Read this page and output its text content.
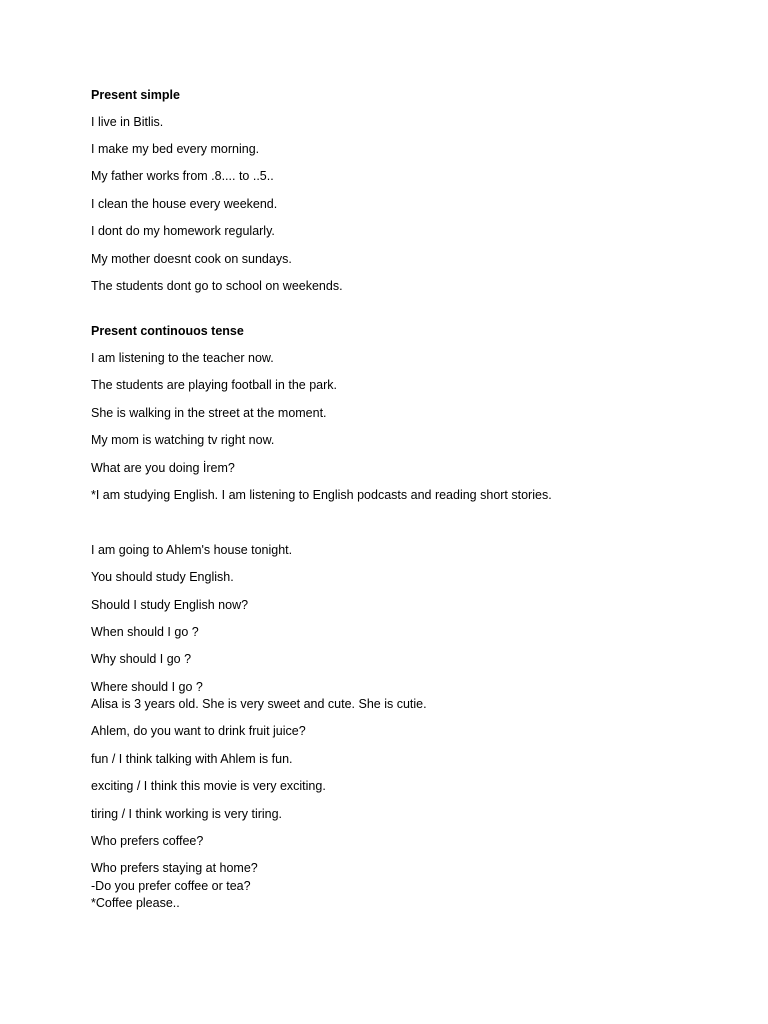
Present simple

I live in Bitlis.

I make my bed every morning.

My father works from .8.... to ..5..

I clean the house every weekend.

I dont do my homework regularly.

My mother doesnt cook on sundays.

The students dont go to school on weekends.

Present continouos tense

I am listening to the teacher now.

The students are playing football in the park.

She is walking in the street at the moment.

My mom is watching tv right now.

What are you doing İrem?

*I am studying English. I am listening to English podcasts and reading short stories.

I am going to Ahlem's house tonight.

You should study English.

Should I study English now?

When should I go ?

Why should I go ?

Where should I go ?

Alisa is 3 years old. She is very sweet and cute. She is cutie.

Ahlem, do you want to drink fruit juice?

fun / I think talking with Ahlem is fun.

exciting / I think this movie is very exciting.

tiring / I think working is very tiring.

Who prefers coffee?

Who prefers staying at home?

-Do you prefer coffee or tea?

*Coffee please..
